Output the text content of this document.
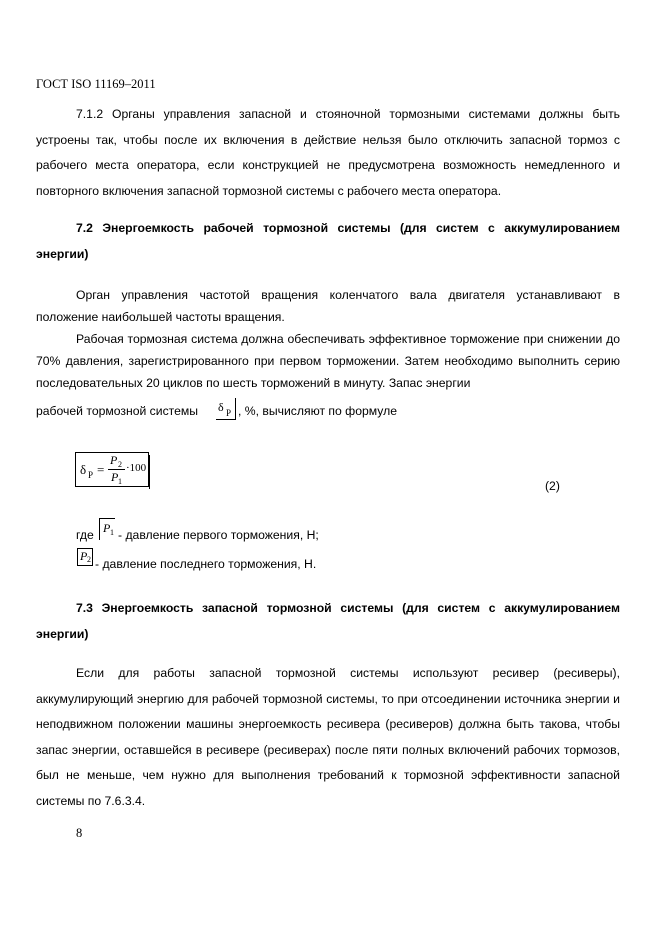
ГОСТ ISO 11169–2011
7.1.2 Органы управления запасной и стояночной тормозными системами должны быть устроены так, чтобы после их включения в действие нельзя было отключить запасной тормоз с рабочего места оператора, если конструкцией не предусмотрена возможность немедленного и повторного включения запасной тормозной системы с рабочего места оператора.
7.2 Энергоемкость рабочей тормозной системы (для систем с аккумулированием энергии)
Орган управления частотой вращения коленчатого вала двигателя устанавливают в положение наибольшей частоты вращения.
Рабочая тормозная система должна обеспечивать эффективное торможение при снижении до 70% давления, зарегистрированного при первом торможении. Затем необходимо выполнить серию последовательных 20 циклов по шесть торможений в минуту. Запас энергии
рабочей тормозной системы δ P , %, вычисляют по формуле
δ P =
P 2
P 1
·100
(2)
где P 1 - давление первого торможения, Н;
P 2 - давление последнего торможения, Н.
7.3 Энергоемкость запасной тормозной системы (для систем с аккумулированием энергии)
Если для работы запасной тормозной системы используют ресивер (ресиверы), аккумулирующий энергию для рабочей тормозной системы, то при отсоединении источника энергии и неподвижном положении машины энергоемкость ресивера (ресиверов) должна быть такова, чтобы запас энергии, оставшейся в ресивере (ресиверах) после пяти полных включений рабочих тормозов, был не меньше, чем нужно для выполнения требований к тормозной эффективности запасной системы по 7.6.3.4.
8
